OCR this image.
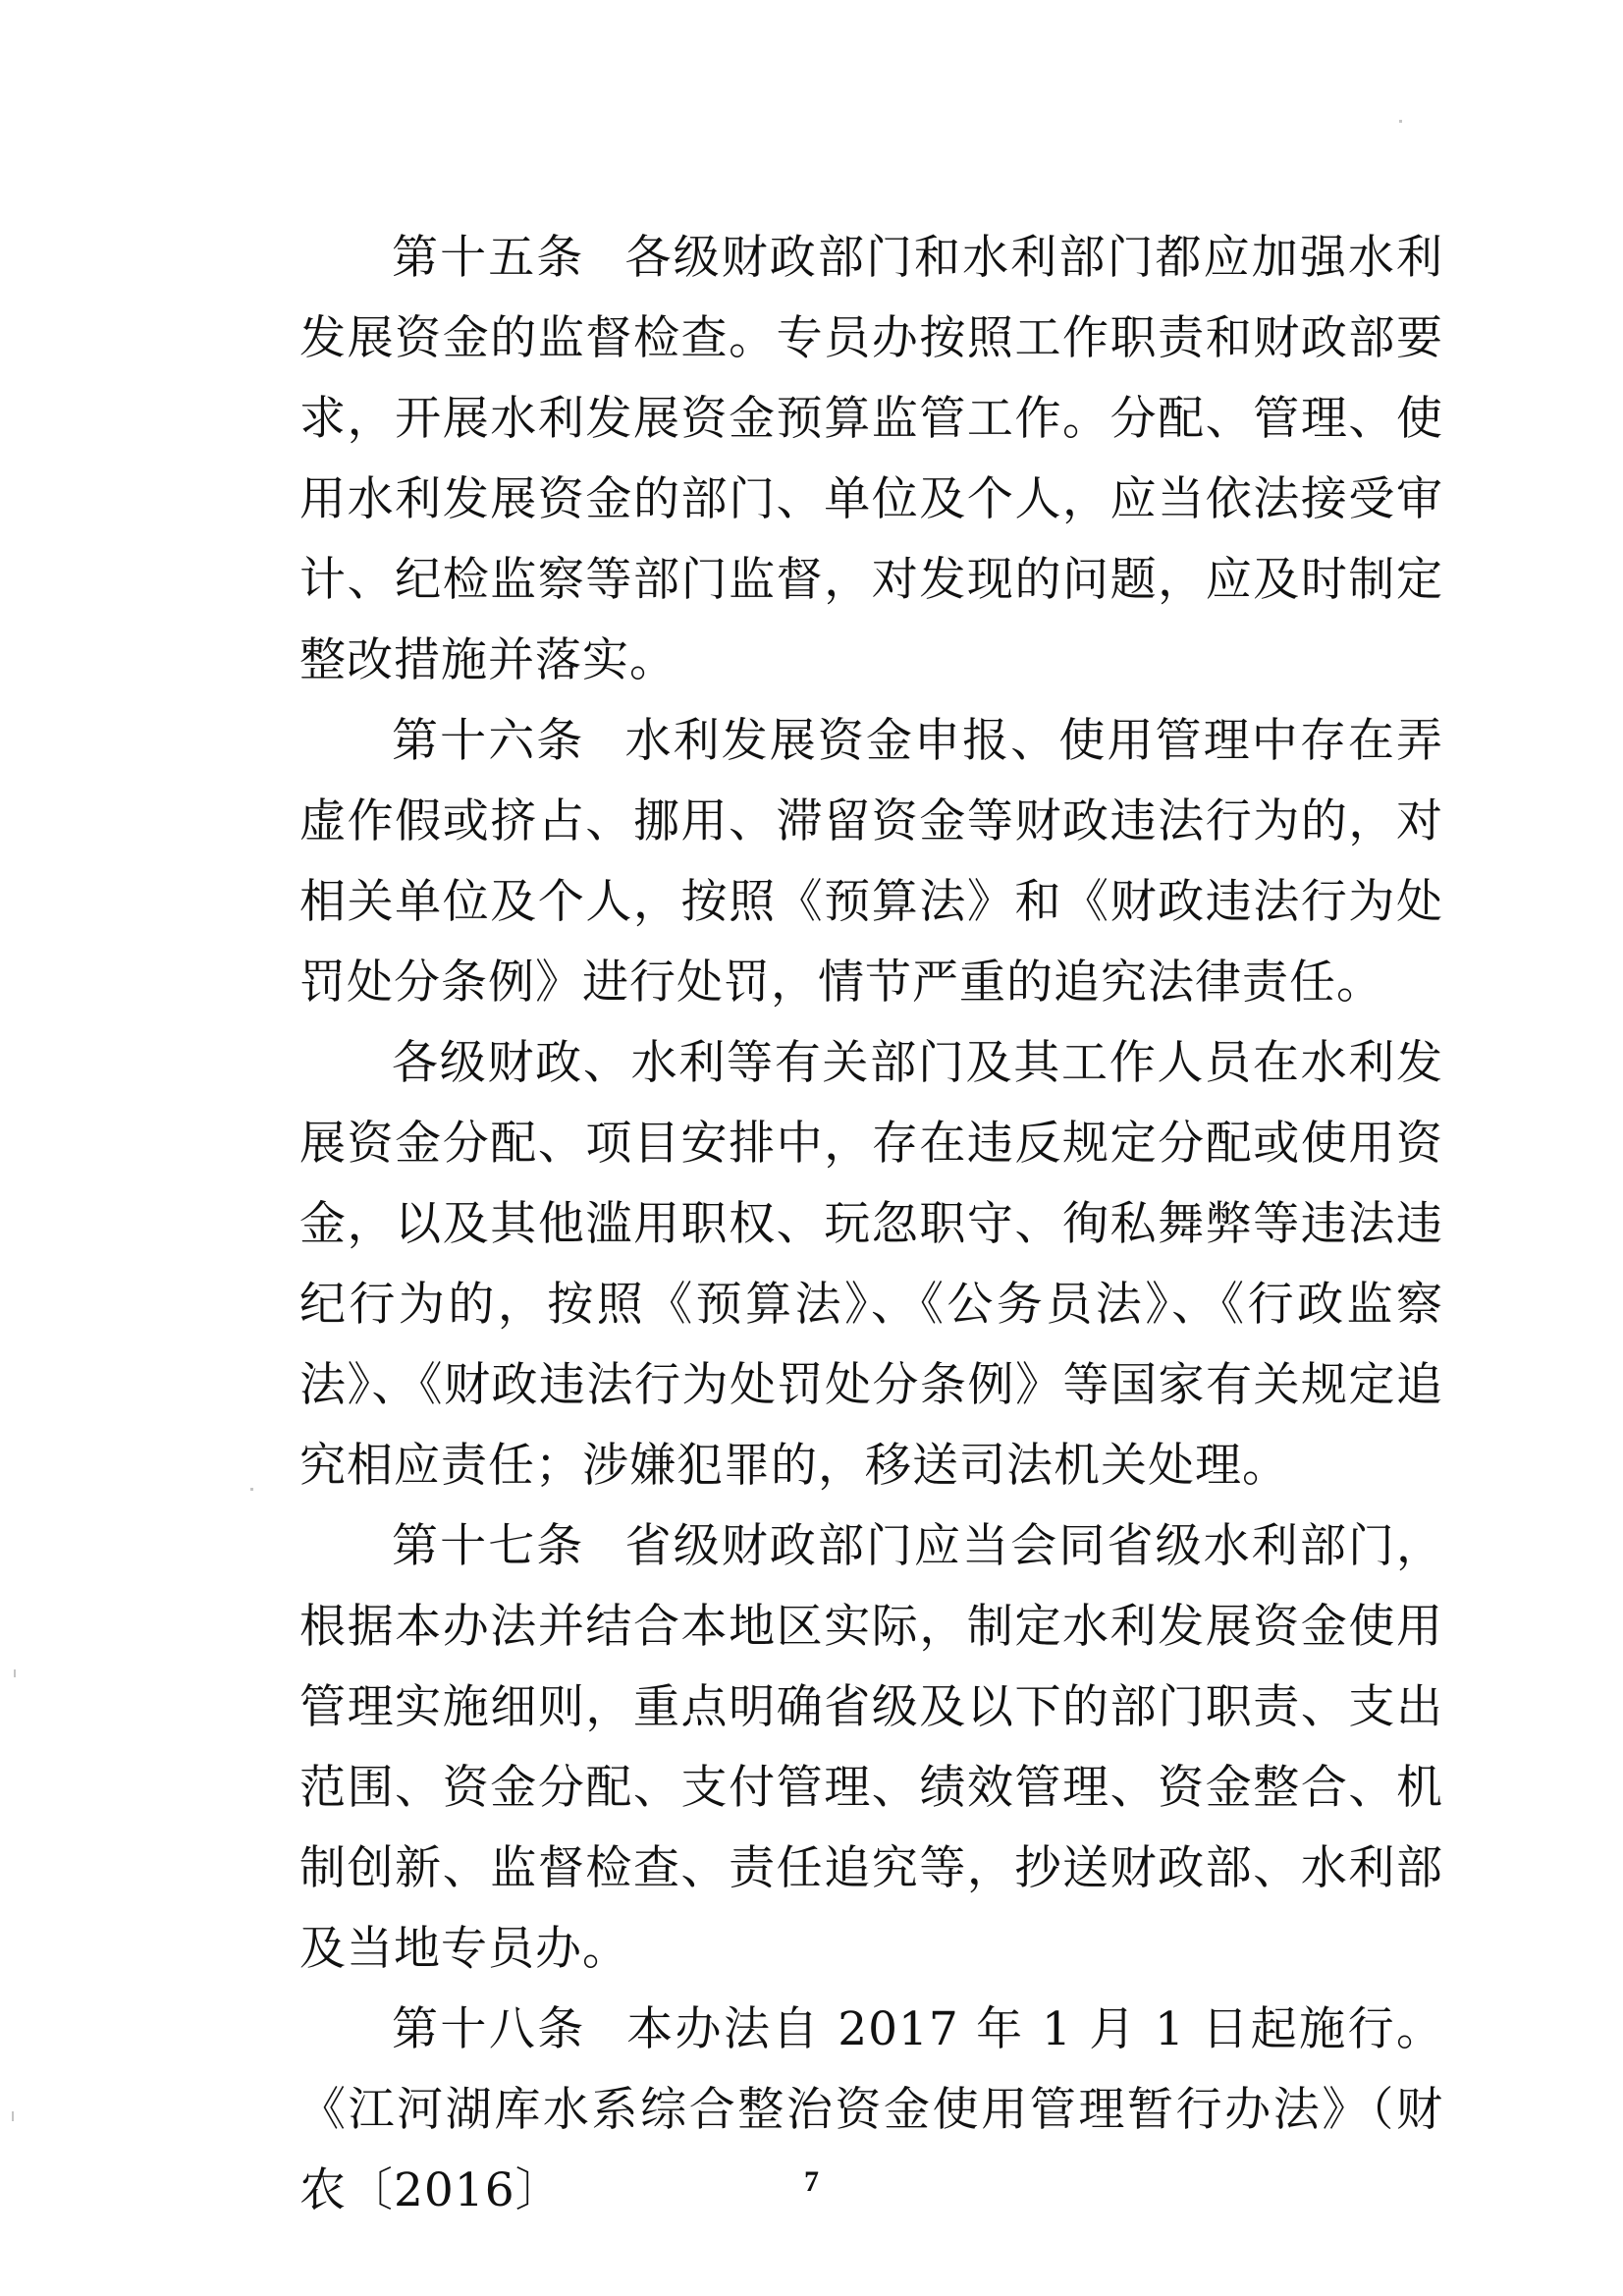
第十五条 各级财政部门和水利部门都应加强水利发展资金的监督检查。专员办按照工作职责和财政部要求，开展水利发展资金预算监管工作。分配、管理、使用水利发展资金的部门、单位及个人，应当依法接受审计、纪检监察等部门监督，对发现的问题，应及时制定整改措施并落实。

第十六条 水利发展资金申报、使用管理中存在弄虚作假或挤占、挪用、滞留资金等财政违法行为的，对相关单位及个人，按照《预算法》和《财政违法行为处罚处分条例》进行处罚，情节严重的追究法律责任。

各级财政、水利等有关部门及其工作人员在水利发展资金分配、项目安排中，存在违反规定分配或使用资金，以及其他滥用职权、玩忽职守、徇私舞弊等违法违纪行为的，按照《预算法》、《公务员法》、《行政监察法》、《财政违法行为处罚处分条例》等国家有关规定追究相应责任；涉嫌犯罪的，移送司法机关处理。

第十七条 省级财政部门应当会同省级水利部门，根据本办法并结合本地区实际，制定水利发展资金使用管理实施细则，重点明确省级及以下的部门职责、支出范围、资金分配、支付管理、绩效管理、资金整合、机制创新、监督检查、责任追究等，抄送财政部、水利部及当地专员办。

第十八条 本办法自 2017 年 1 月 1 日起施行。《江河湖库水系综合整治资金使用管理暂行办法》（财农〔2016〕	7
